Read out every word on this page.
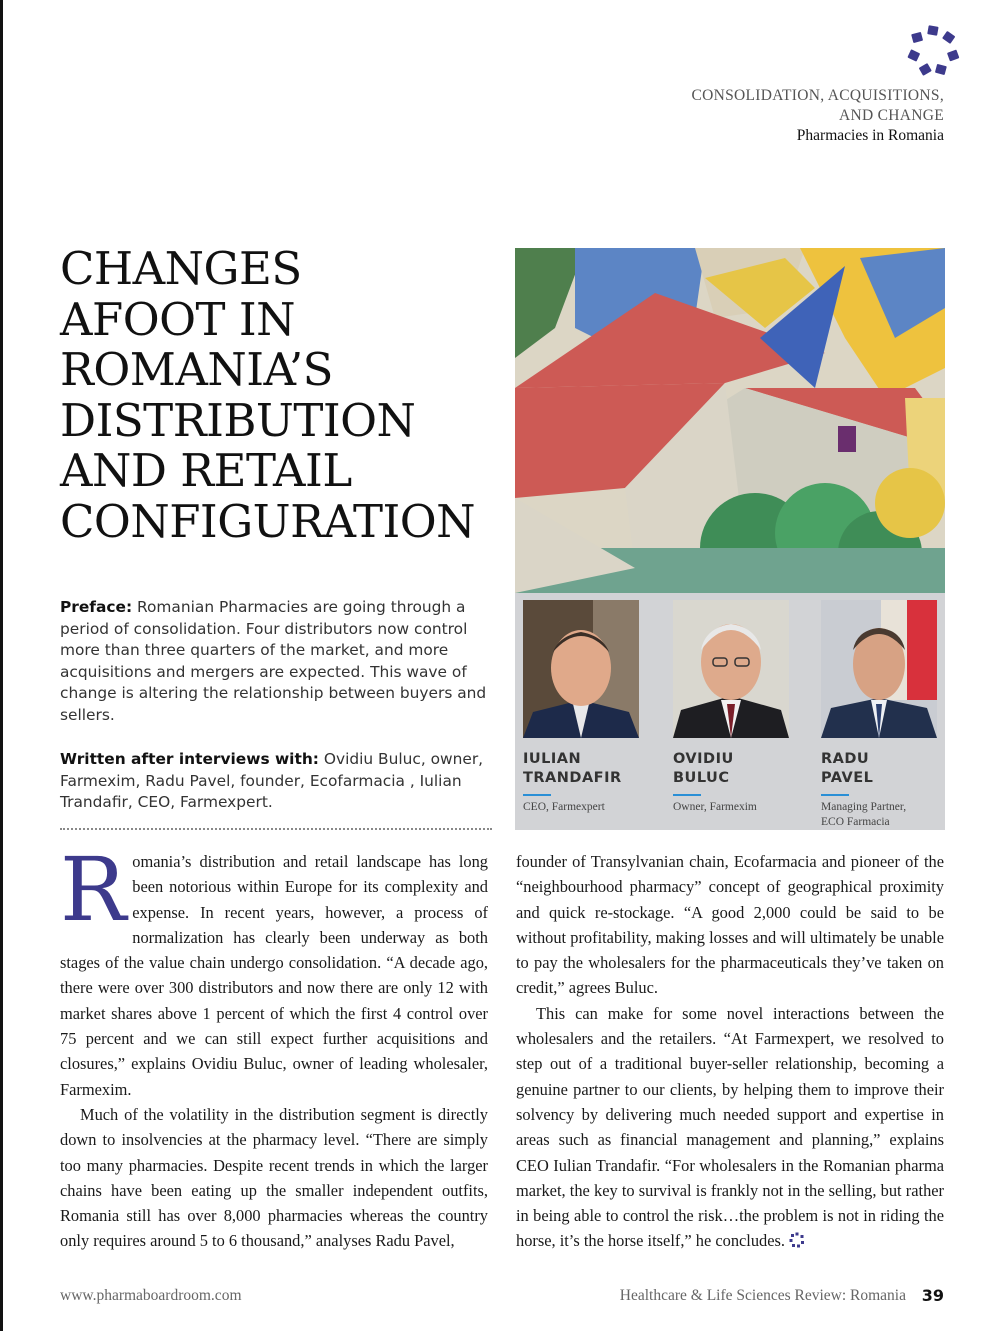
CONSOLIDATION, ACQUISITIONS,
AND CHANGE
Pharmacies in Romania
CHANGES
AFOOT IN
ROMANIA’S
DISTRIBUTION
AND RETAIL
CONFIGURATION
Preface: Romanian Pharmacies are going through a period of consolidation. Four distributors now control more than three quarters of the market, and more acquisitions and mergers are expected. This wave of change is altering the relationship between buyers and sellers.
Written after interviews with: Ovidiu Buluc, owner, Farmexim, Radu Pavel, founder, Ecofarmacia , Iulian Trandafir, CEO, Farmexpert.
IULIAN
TRANDAFIR
CEO, Farmexpert

OVIDIU
BULUC
Owner, Farmexim

RADU
PAVEL
Managing Partner,
ECO Farmacia

Romania’s distribution and retail landscape has long been notorious within Europe for its complexity and expense. In recent years, however, a process of normalization has clearly been underway as both stages of the value chain undergo consolidation. “A decade ago, there were over 300 distributors and now there are only 12 with market shares above 1 percent of which the first 4 control over 75 percent and we can still expect further acquisitions and closures,” explains Ovidiu Buluc, owner of leading wholesaler, Farmexim.

Much of the volatility in the distribution segment is directly down to insolvencies at the pharmacy level. “There are simply too many pharmacies. Despite recent trends in which the larger chains have been eating up the smaller independent outfits, Romania still has over 8,000 pharmacies whereas the country only requires around 5 to 6 thousand,” analyses Radu Pavel,

founder of Transylvanian chain, Ecofarmacia and pioneer of the “neighbourhood pharmacy” concept of geographical proximity and quick re-stockage. “A good 2,000 could be said to be without profitability, making losses and will ultimately be unable to pay the wholesalers for the pharmaceuticals they’ve taken on credit,” agrees Buluc.

This can make for some novel interactions between the wholesalers and the retailers. “At Farmexpert, we resolved to step out of a traditional buyer-seller relationship, becoming a genuine partner to our clients, by helping them to improve their solvency by delivering much needed support and expertise in areas such as financial management and planning,” explains CEO Iulian Trandafir. “For wholesalers in the Romanian pharma market, the key to survival is frankly not in the selling, but rather in being able to control the risk…the problem is not in riding the horse, it’s the horse itself,” he concludes.

www.pharmaboardroom.com	Healthcare & Life Sciences Review: Romania 39
